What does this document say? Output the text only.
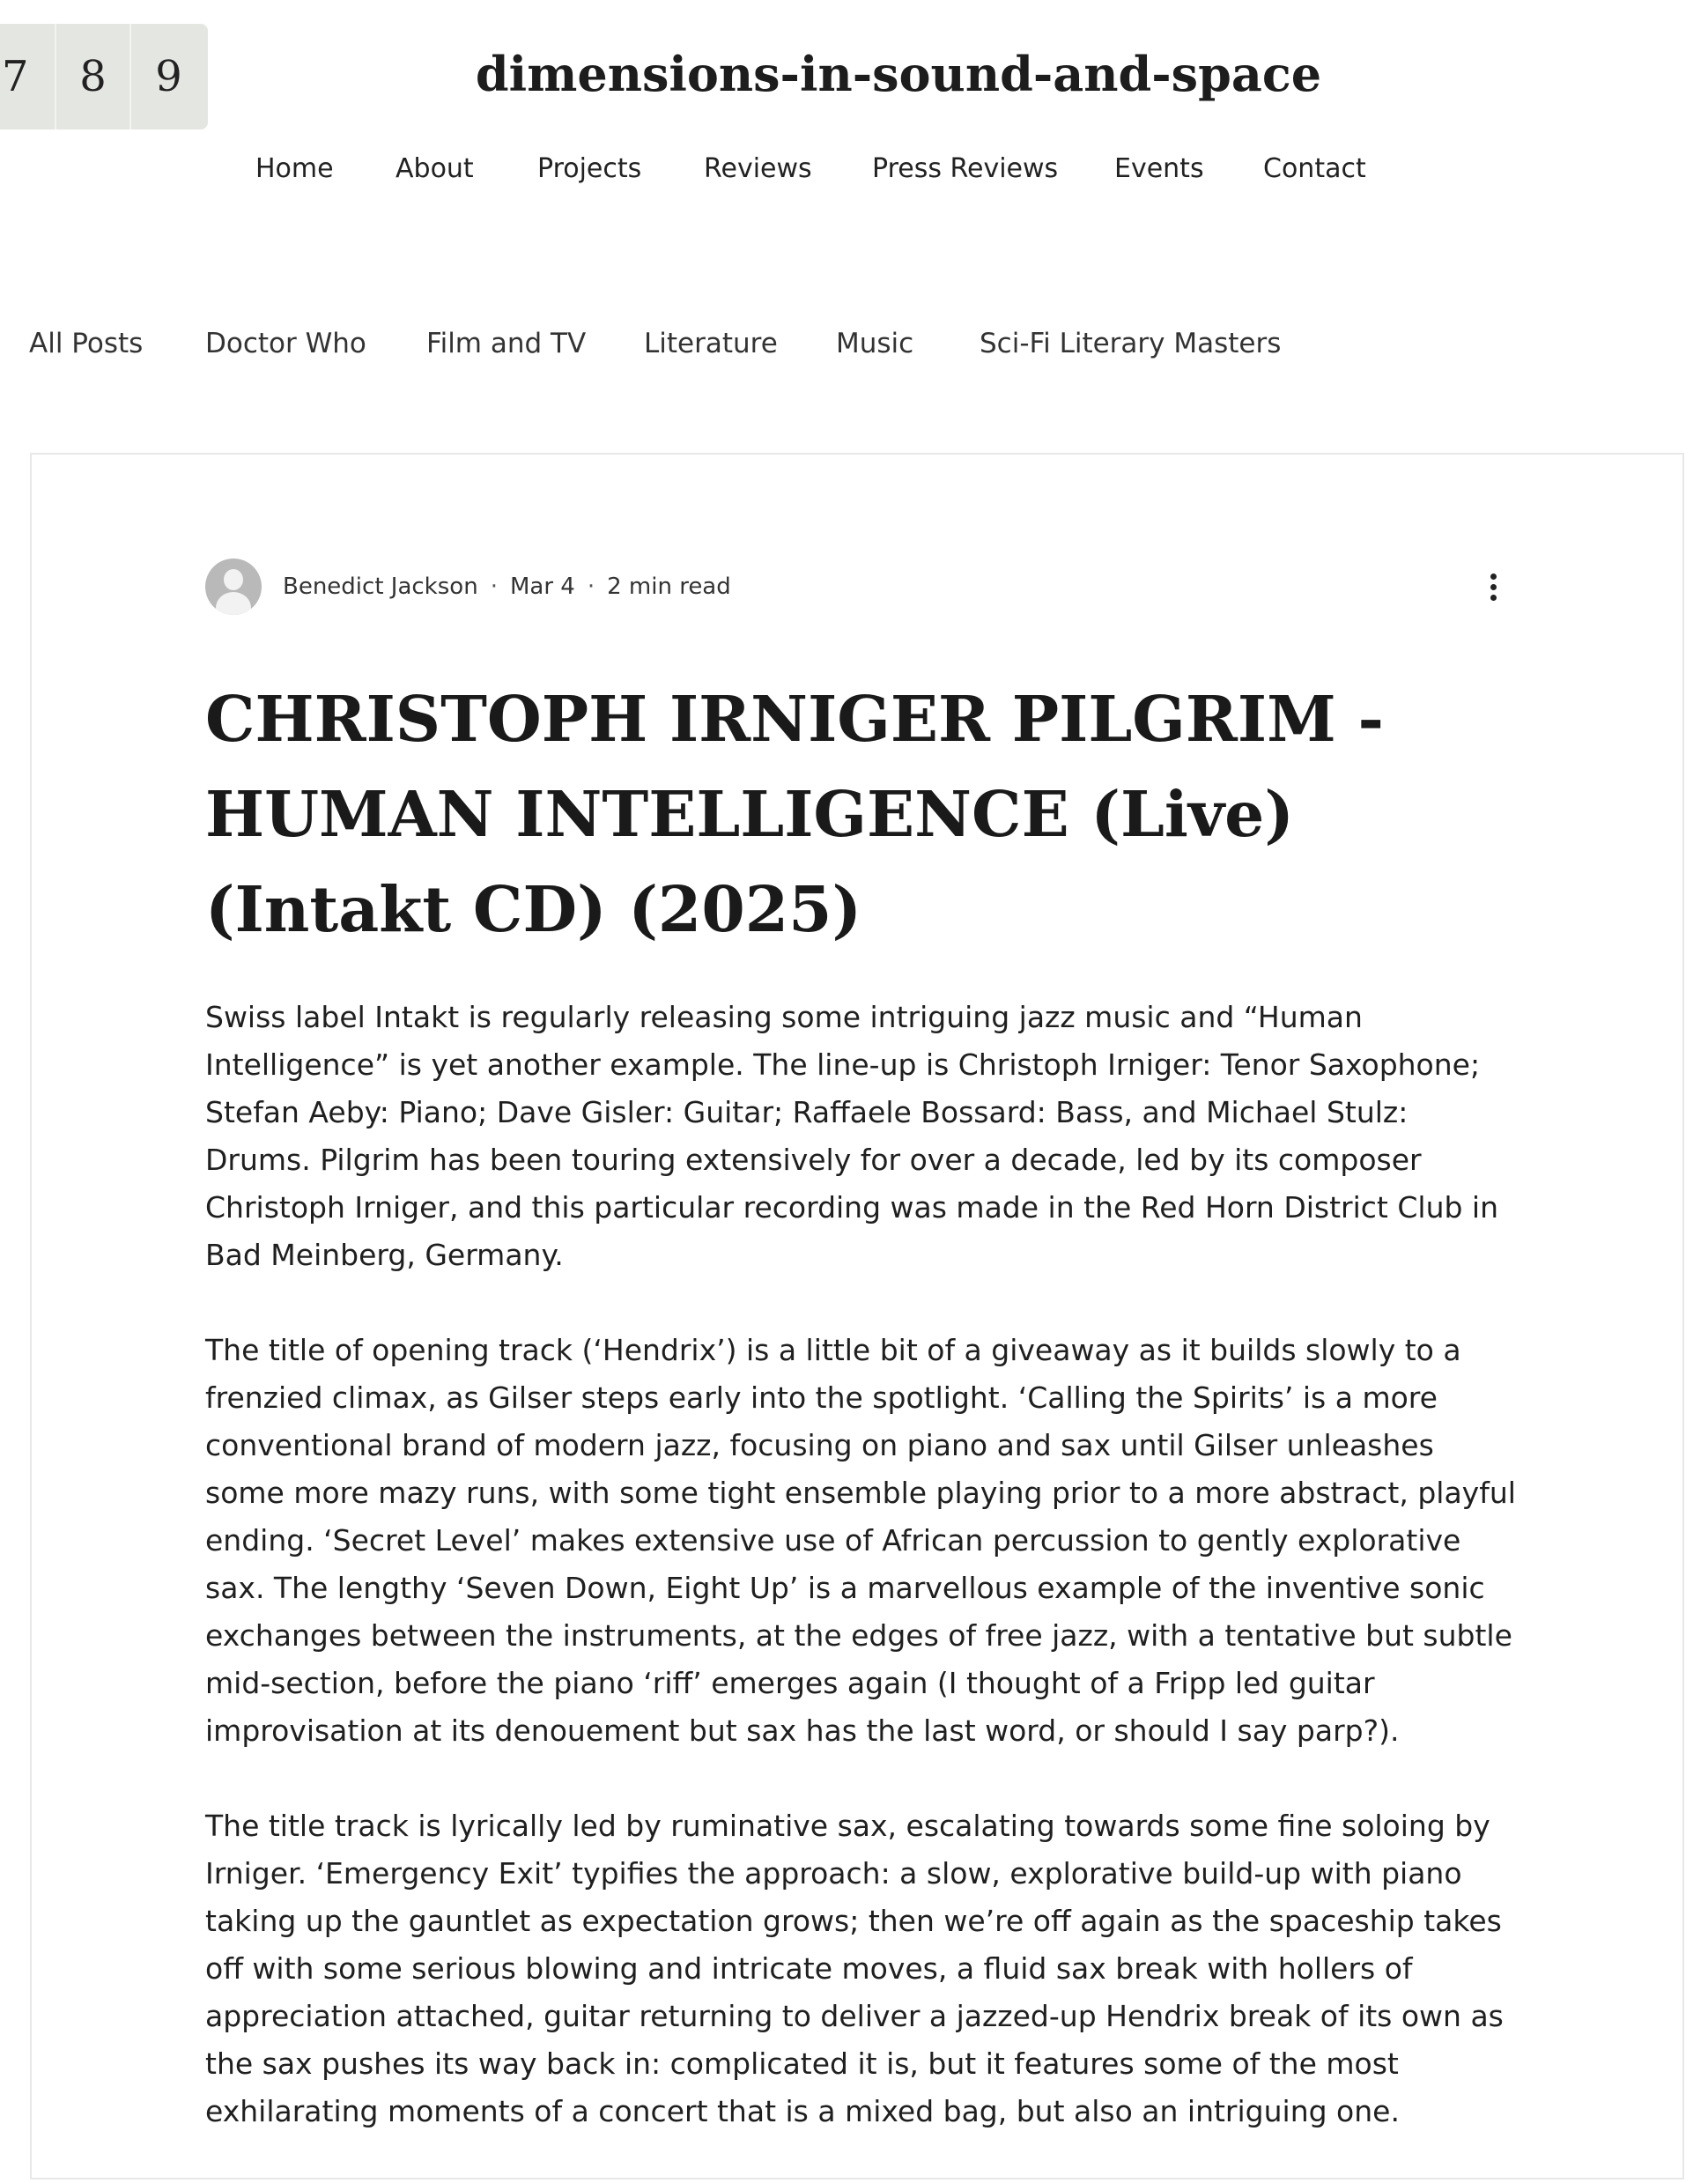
7	8	9	dimensions-in-sound-and-space
Home About Projects Reviews Press Reviews Events Contact
All Posts Doctor Who Film and TV Literature Music Sci-Fi Literary Masters
Benedict Jackson · Mar 4 · 2 min read
CHRISTOPH IRNIGER PILGRIM - HUMAN INTELLIGENCE (Live) (Intakt CD) (2025)

Swiss label Intakt is regularly releasing some intriguing jazz music and “Human Intelligence” is yet another example. The line-up is Christoph Irniger: Tenor Saxophone; Stefan Aeby: Piano; Dave Gisler: Guitar; Raffaele Bossard: Bass, and Michael Stulz: Drums. Pilgrim has been touring extensively for over a decade, led by its composer Christoph Irniger, and this particular recording was made in the Red Horn District Club in Bad Meinberg, Germany.

The title of opening track (‘Hendrix’) is a little bit of a giveaway as it builds slowly to a frenzied climax, as Gilser steps early into the spotlight. ‘Calling the Spirits’ is a more conventional brand of modern jazz, focusing on piano and sax until Gilser unleashes some more mazy runs, with some tight ensemble playing prior to a more abstract, playful ending. ‘Secret Level’ makes extensive use of African percussion to gently explorative sax. The lengthy ‘Seven Down, Eight Up’ is a marvellous example of the inventive sonic exchanges between the instruments, at the edges of free jazz, with a tentative but subtle mid-section, before the piano ‘riff’ emerges again (I thought of a Fripp led guitar improvisation at its denouement but sax has the last word, or should I say parp?).

The title track is lyrically led by ruminative sax, escalating towards some fine soloing by Irniger. ‘Emergency Exit’ typifies the approach: a slow, explorative build-up with piano taking up the gauntlet as expectation grows; then we’re off again as the spaceship takes off with some serious blowing and intricate moves, a fluid sax break with hollers of appreciation attached, guitar returning to deliver a jazzed-up Hendrix break of its own as the sax pushes its way back in: complicated it is, but it features some of the most exhilarating moments of a concert that is a mixed bag, but also an intriguing one.
